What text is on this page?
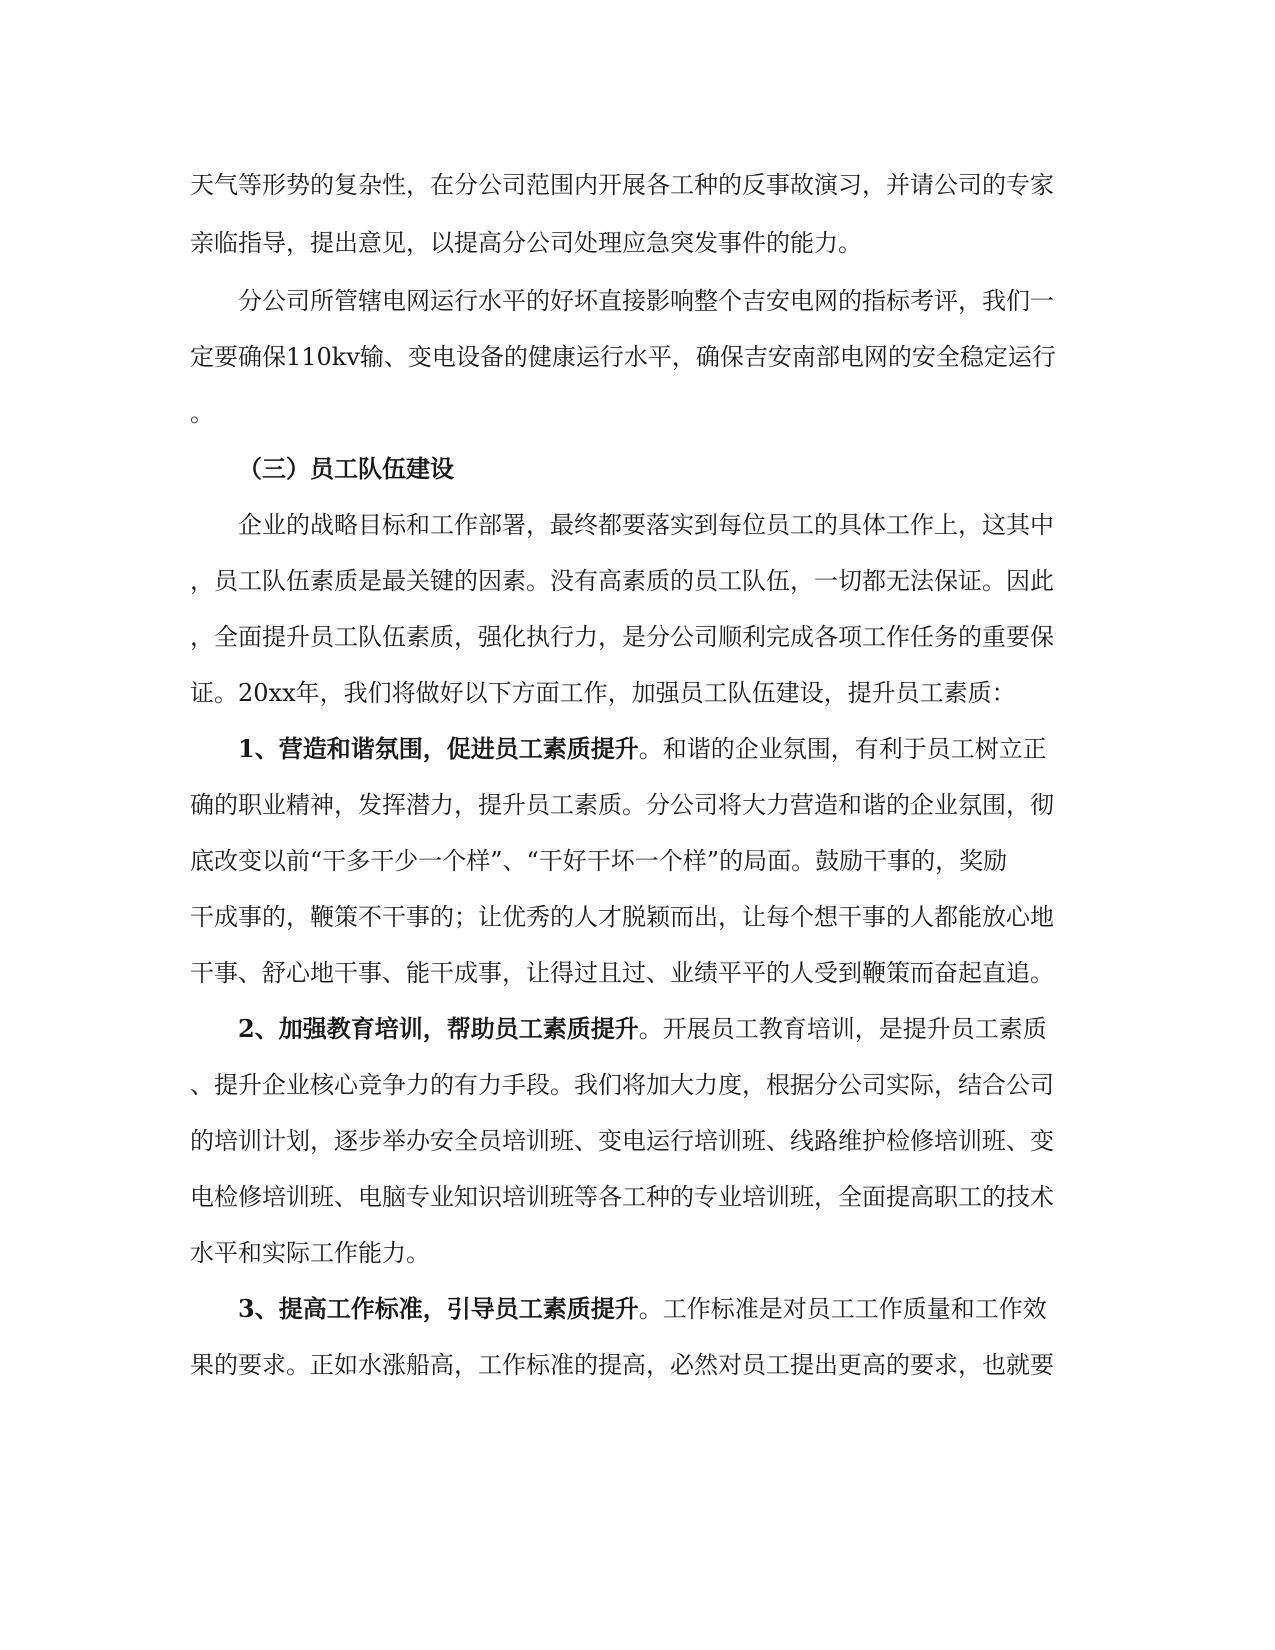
天气等形势的复杂性，在分公司范围内开展各工种的反事故演习，并请公司的专家

亲临指导，提出意见，以提高分公司处理应急突发事件的能力。

分公司所管辖电网运行水平的好坏直接影响整个吉安电网的指标考评，我们一

定要确保110kv输、变电设备的健康运行水平，确保吉安南部电网的安全稳定运行

。

（三）员工队伍建设

企业的战略目标和工作部署，最终都要落实到每位员工的具体工作上，这其中

，员工队伍素质是最关键的因素。没有高素质的员工队伍，一切都无法保证。因此

，全面提升员工队伍素质，强化执行力，是分公司顺利完成各项工作任务的重要保

证。20xx年，我们将做好以下方面工作，加强员工队伍建设，提升员工素质：

1、营造和谐氛围，促进员工素质提升。和谐的企业氛围，有利于员工树立正

确的职业精神，发挥潜力，提升员工素质。分公司将大力营造和谐的企业氛围，彻

底改变以前“干多干少一个样”、“干好干坏一个样”的局面。鼓励干事的，奖励

干成事的，鞭策不干事的；让优秀的人才脱颖而出，让每个想干事的人都能放心地

干事、舒心地干事、能干成事，让得过且过、业绩平平的人受到鞭策而奋起直追。

2、加强教育培训，帮助员工素质提升。开展员工教育培训，是提升员工素质

、提升企业核心竞争力的有力手段。我们将加大力度，根据分公司实际，结合公司

的培训计划，逐步举办安全员培训班、变电运行培训班、线路维护检修培训班、变

电检修培训班、电脑专业知识培训班等各工种的专业培训班，全面提高职工的技术

水平和实际工作能力。

3、提高工作标准，引导员工素质提升。工作标准是对员工工作质量和工作效

果的要求。正如水涨船高，工作标准的提高，必然对员工提出更高的要求，也就要
